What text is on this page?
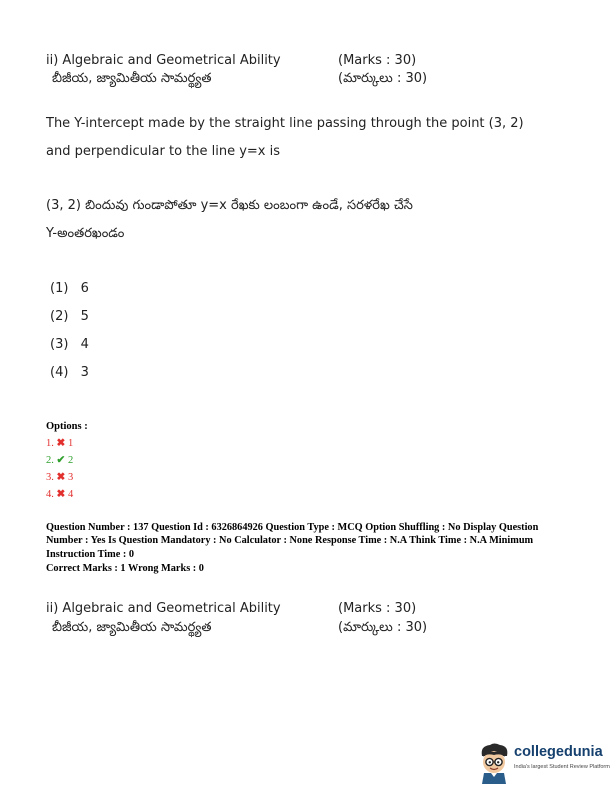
ii) Algebraic and Geometrical Ability	(Marks : 30)
బీజీయ, జ్యామితీయ సామర్థ్యత	(మార్కులు : 30)
The Y-intercept made by the straight line passing through the point (3, 2)
and perpendicular to the line y=x is
(3, 2) బిందువు గుండాపోతూ y=x రేఖకు లంబంగా ఉండే, సరళరేఖ చేసే
Y-అంతరఖండం
(1) 6
(2) 5
(3) 4
(4) 3
Options :
1. ✖ 1
2. ✔ 2
3. ✖ 3
4. ✖ 4
Question Number : 137 Question Id : 6326864926 Question Type : MCQ Option Shuffling : No Display Question
Number : Yes Is Question Mandatory : No Calculator : None Response Time : N.A Think Time : N.A Minimum
Instruction Time : 0
Correct Marks : 1 Wrong Marks : 0
ii) Algebraic and Geometrical Ability	(Marks : 30)
బీజీయ, జ్యామితీయ సామర్థ్యత	(మార్కులు : 30)
collegedunia
India's largest Student Review Platform
